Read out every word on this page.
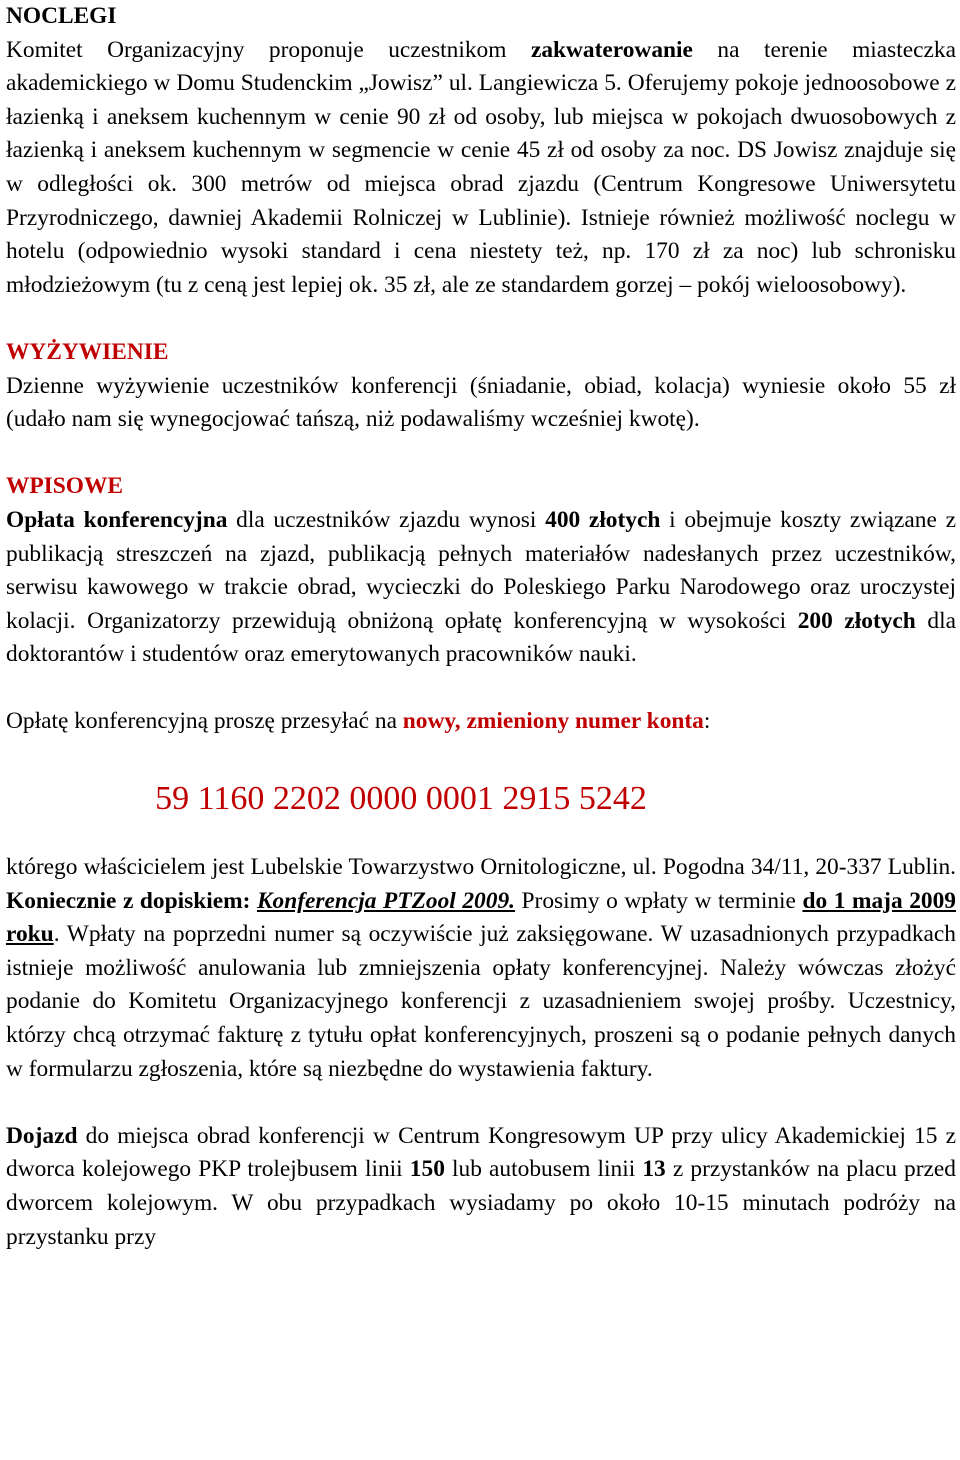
NOCLEGI

Komitet Organizacyjny proponuje uczestnikom zakwaterowanie na terenie miasteczka akademickiego w Domu Studenckim „Jowisz” ul. Langiewicza 5. Oferujemy pokoje jednoosobowe z łazienką i aneksem kuchennym w cenie 90 zł od osoby, lub miejsca w pokojach dwuosobowych z łazienką i aneksem kuchennym w segmencie w cenie 45 zł od osoby za noc. DS Jowisz znajduje się w odległości ok. 300 metrów od miejsca obrad zjazdu (Centrum Kongresowe Uniwersytetu Przyrodniczego, dawniej Akademii Rolniczej w Lublinie). Istnieje również możliwość noclegu w hotelu (odpowiednio wysoki standard i cena niestety też, np. 170 zł za noc) lub schronisku młodzieżowym (tu z ceną jest lepiej ok. 35 zł, ale ze standardem gorzej – pokój wieloosobowy).

WYŻYWIENIE

Dzienne wyżywienie uczestników konferencji (śniadanie, obiad, kolacja) wyniesie około 55 zł (udało nam się wynegocjować tańszą, niż podawaliśmy wcześniej kwotę).

WPISOWE

Opłata konferencyjna dla uczestników zjazdu wynosi 400 złotych i obejmuje koszty związane z publikacją streszczeń na zjazd, publikacją pełnych materiałów nadesłanych przez uczestników, serwisu kawowego w trakcie obrad, wycieczki do Poleskiego Parku Narodowego oraz uroczystej kolacji. Organizatorzy przewidują obniżoną opłatę konferencyjną w wysokości 200 złotych dla doktorantów i studentów oraz emerytowanych pracowników nauki.

Opłatę konferencyjną proszę przesyłać na nowy, zmieniony numer konta:

59 1160 2202 0000 0001 2915 5242

którego właścicielem jest Lubelskie Towarzystwo Ornitologiczne, ul. Pogodna 34/11, 20-337 Lublin. Koniecznie z dopiskiem: Konferencja PTZool 2009. Prosimy o wpłaty w terminie do 1 maja 2009 roku. Wpłaty na poprzedni numer są oczywiście już zaksięgowane. W uzasadnionych przypadkach istnieje możliwość anulowania lub zmniejszenia opłaty konferencyjnej. Należy wówczas złożyć podanie do Komitetu Organizacyjnego konferencji z uzasadnieniem swojej prośby. Uczestnicy, którzy chcą otrzymać fakturę z tytułu opłat konferencyjnych, proszeni są o podanie pełnych danych w formularzu zgłoszenia, które są niezbędne do wystawienia faktury.

Dojazd do miejsca obrad konferencji w Centrum Kongresowym UP przy ulicy Akademickiej 15 z dworca kolejowego PKP trolejbusem linii 150 lub autobusem linii 13 z przystanków na placu przed dworcem kolejowym. W obu przypadkach wysiadamy po około 10-15 minutach podróży na przystanku przy
